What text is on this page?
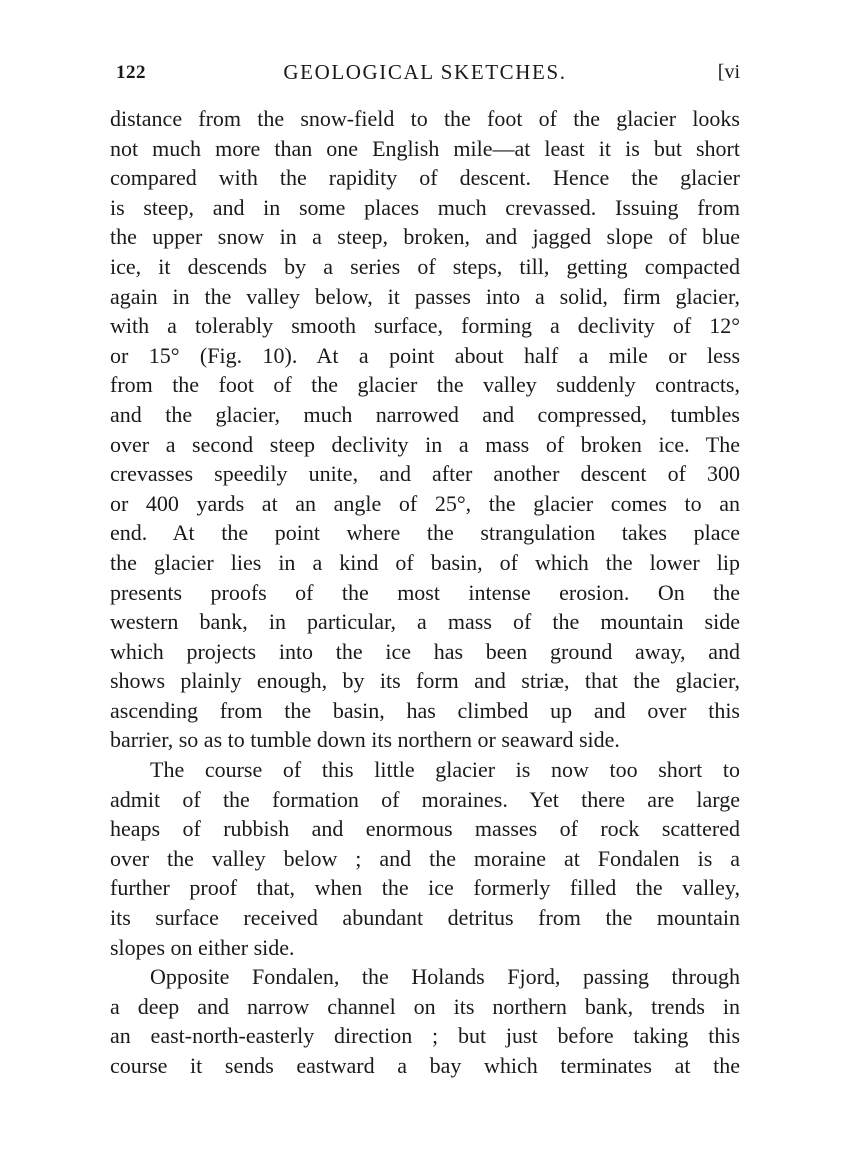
122	GEOLOGICAL SKETCHES.	[vi
distance from the snow-field to the foot of the glacier looks
not much more than one English mile—at least it is but short
compared with the rapidity of descent. Hence the glacier
is steep, and in some places much crevassed. Issuing from
the upper snow in a steep, broken, and jagged slope of blue
ice, it descends by a series of steps, till, getting compacted
again in the valley below, it passes into a solid, firm glacier,
with a tolerably smooth surface, forming a declivity of 12°
or 15° (Fig. 10). At a point about half a mile or less
from the foot of the glacier the valley suddenly contracts,
and the glacier, much narrowed and compressed, tumbles
over a second steep declivity in a mass of broken ice. The
crevasses speedily unite, and after another descent of 300
or 400 yards at an angle of 25°, the glacier comes to an
end. At the point where the strangulation takes place
the glacier lies in a kind of basin, of which the lower lip
presents proofs of the most intense erosion. On the
western bank, in particular, a mass of the mountain side
which projects into the ice has been ground away, and
shows plainly enough, by its form and striæ, that the glacier,
ascending from the basin, has climbed up and over this
barrier, so as to tumble down its northern or seaward side.
The course of this little glacier is now too short to
admit of the formation of moraines. Yet there are large
heaps of rubbish and enormous masses of rock scattered
over the valley below ; and the moraine at Fondalen is a
further proof that, when the ice formerly filled the valley,
its surface received abundant detritus from the mountain
slopes on either side.
Opposite Fondalen, the Holands Fjord, passing through
a deep and narrow channel on its northern bank, trends in
an east-north-easterly direction ; but just before taking this
course it sends eastward a bay which terminates at the
